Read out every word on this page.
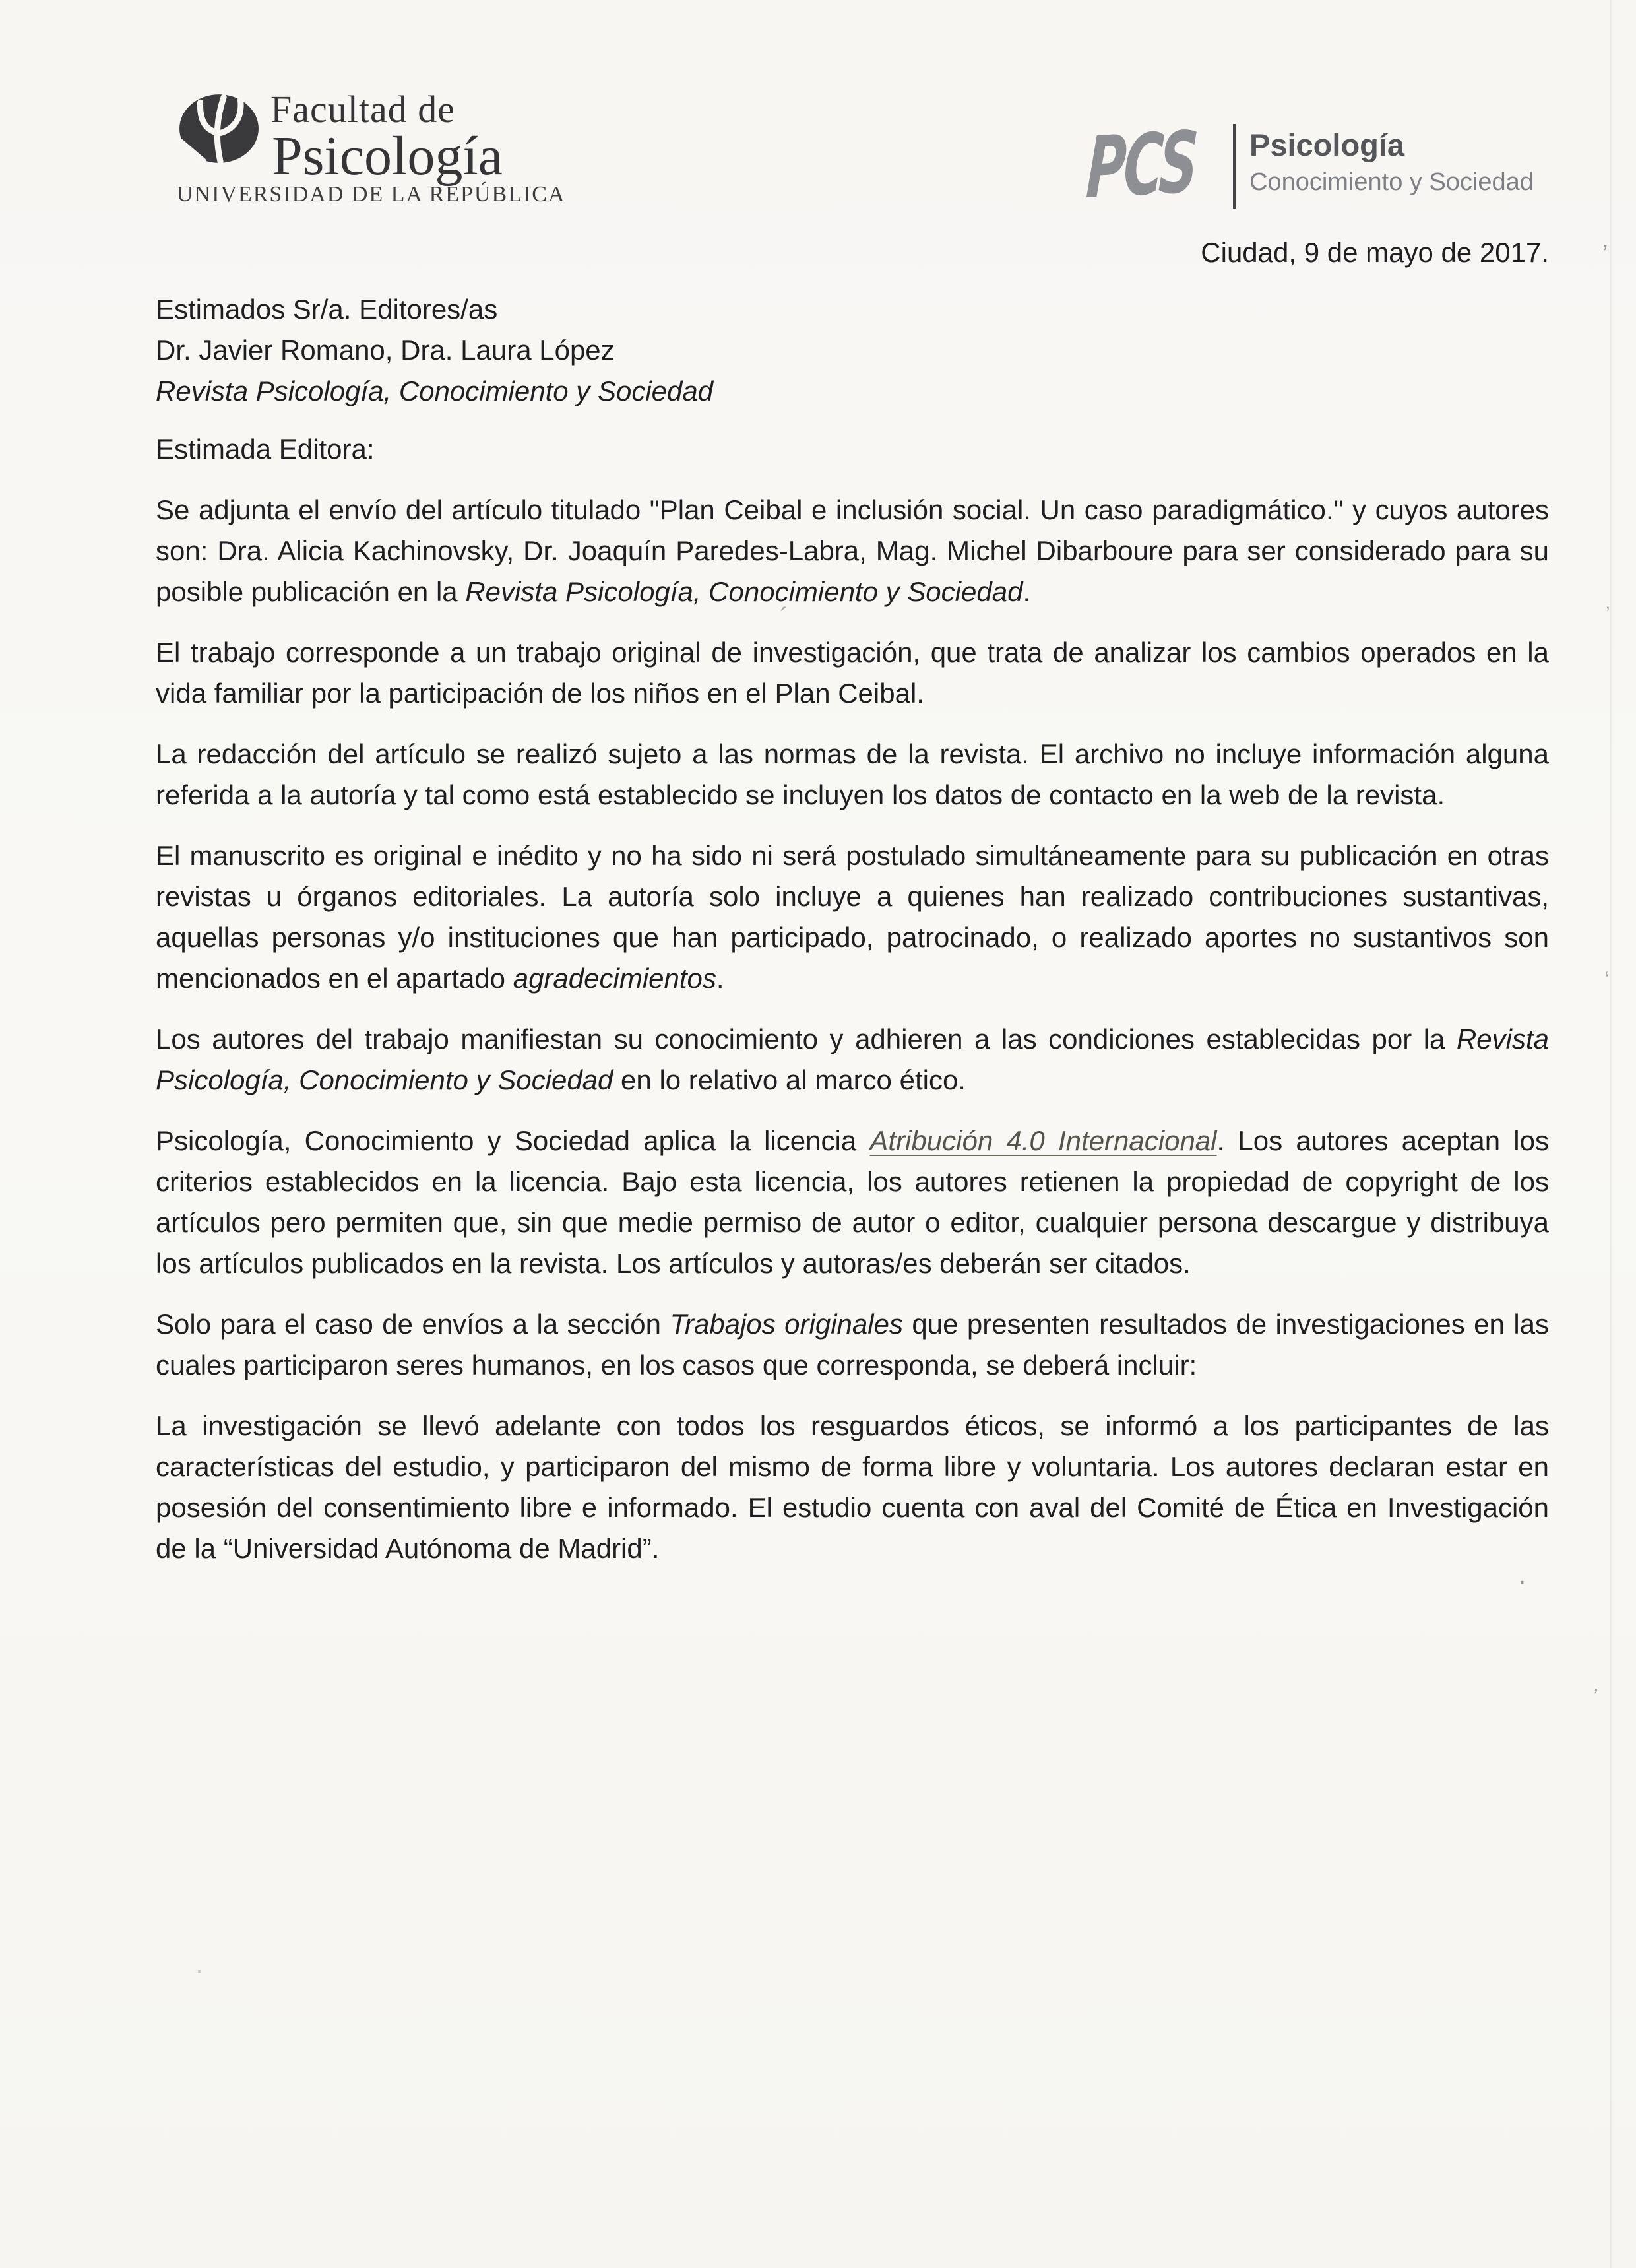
Facultad de
Psicología
UNIVERSIDAD DE LA REPÚBLICA	PCS Psicología
Conocimiento y Sociedad
Ciudad, 9 de mayo de 2017.
Estimados Sr/a. Editores/as
Dr. Javier Romano, Dra. Laura López
Revista Psicología, Conocimiento y Sociedad
Estimada Editora:

Se adjunta el envío del artículo titulado "Plan Ceibal e inclusión social. Un caso paradigmático." y cuyos autores son: Dra. Alicia Kachinovsky, Dr. Joaquín Paredes-Labra, Mag. Michel Dibarboure para ser considerado para su posible publicación en la Revista Psicología, Conocimiento y Sociedad.

El trabajo corresponde a un trabajo original de investigación, que trata de analizar los cambios operados en la vida familiar por la participación de los niños en el Plan Ceibal.

La redacción del artículo se realizó sujeto a las normas de la revista. El archivo no incluye información alguna referida a la autoría y tal como está establecido se incluyen los datos de contacto en la web de la revista.

El manuscrito es original e inédito y no ha sido ni será postulado simultáneamente para su publicación en otras revistas u órganos editoriales. La autoría solo incluye a quienes han realizado contribuciones sustantivas, aquellas personas y/o instituciones que han participado, patrocinado, o realizado aportes no sustantivos son mencionados en el apartado agradecimientos.

Los autores del trabajo manifiestan su conocimiento y adhieren a las condiciones establecidas por la Revista Psicología, Conocimiento y Sociedad en lo relativo al marco ético.

Psicología, Conocimiento y Sociedad aplica la licencia Atribución 4.0 Internacional. Los autores aceptan los criterios establecidos en la licencia. Bajo esta licencia, los autores retienen la propiedad de copyright de los artículos pero permiten que, sin que medie permiso de autor o editor, cualquier persona descargue y distribuya los artículos publicados en la revista. Los artículos y autoras/es deberán ser citados.

Solo para el caso de envíos a la sección Trabajos originales que presenten resultados de investigaciones en las cuales participaron seres humanos, en los casos que corresponda, se deberá incluir:

La investigación se llevó adelante con todos los resguardos éticos, se informó a los participantes de las características del estudio, y participaron del mismo de forma libre y voluntaria. Los autores declaran estar en posesión del consentimiento libre e informado. El estudio cuenta con aval del Comité de Ética en Investigación de la “Universidad Autónoma de Madrid”.

’
’
‘
’
´
·
·
